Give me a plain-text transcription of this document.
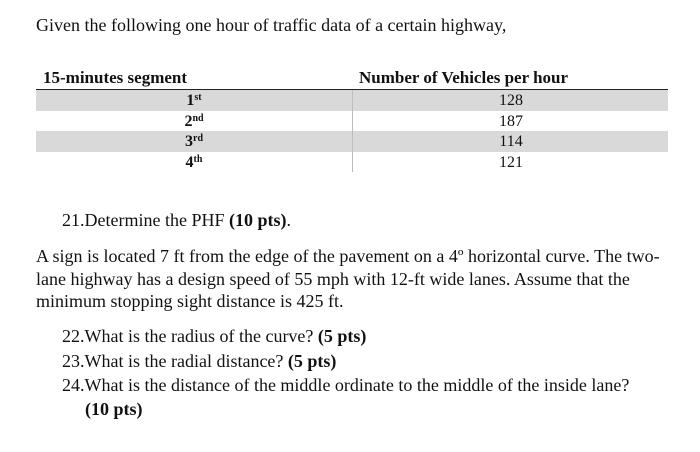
Given the following one hour of traffic data of a certain highway,
15-minutes segment	Number of Vehicles per hour
1st	128
2nd	187
3rd	114
4th	121
21.Determine the PHF (10 pts).
A sign is located 7 ft from the edge of the pavement on a 4º horizontal curve. The two-lane highway has a design speed of 55 mph with 12-ft wide lanes. Assume that the minimum stopping sight distance is 425 ft.
22.What is the radius of the curve? (5 pts)
23.What is the radial distance? (5 pts)
24.What is the distance of the middle ordinate to the middle of the inside lane?
(10 pts)
